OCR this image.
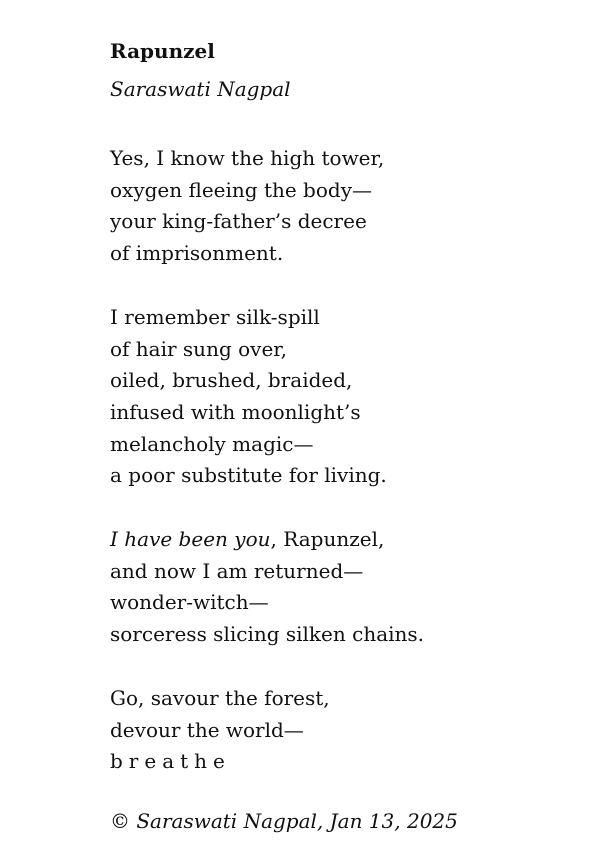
Rapunzel

Saraswati Nagpal

Yes, I know the high tower,
oxygen fleeing the body—
your king-father’s decree
of imprisonment.
I remember silk-spill
of hair sung over,
oiled, brushed, braided,
infused with moonlight’s
melancholy magic—
a poor substitute for living.
I have been you, Rapunzel,
and now I am returned—
wonder-witch—
sorceress slicing silken chains.
Go, savour the forest,
devour the world—
breathe
© Saraswati Nagpal, Jan 13, 2025
